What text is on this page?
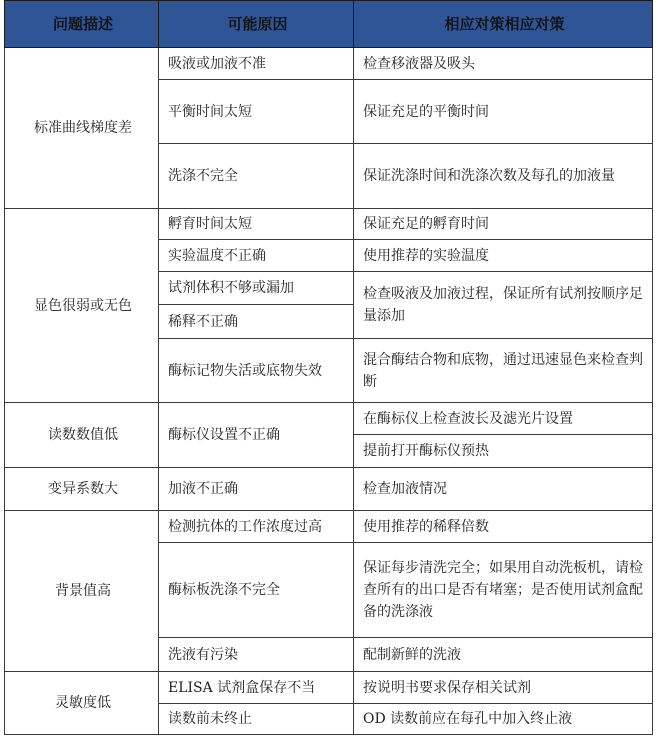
问题描述	可能原因	相应对策相应对策
标准曲线梯度差	吸液或加液不准	检查移液器及吸头
	平衡时间太短	保证充足的平衡时间
	洗涤不完全	保证洗涤时间和洗涤次数及每孔的加液量
显色很弱或无色	孵育时间太短	保证充足的孵育时间
	实验温度不正确	使用推荐的实验温度
	试剂体积不够或漏加	检查吸液及加液过程，保证所有试剂按顺序足量添加
	稀释不正确	
	酶标记物失活或底物失效	混合酶结合物和底物，通过迅速显色来检查判断
读数数值低	酶标仪设置不正确	在酶标仪上检查波长及滤光片设置
		提前打开酶标仪预热
变异系数大	加液不正确	检查加液情况
背景值高	检测抗体的工作浓度过高	使用推荐的稀释倍数
	酶标板洗涤不完全	保证每步清洗完全；如果用自动洗板机，请检查所有的出口是否有堵塞；是否使用试剂盒配备的洗涤液
	洗液有污染	配制新鲜的洗液
灵敏度低	ELISA 试剂盒保存不当	按说明书要求保存相关试剂
	读数前未终止	OD 读数前应在每孔中加入终止液
